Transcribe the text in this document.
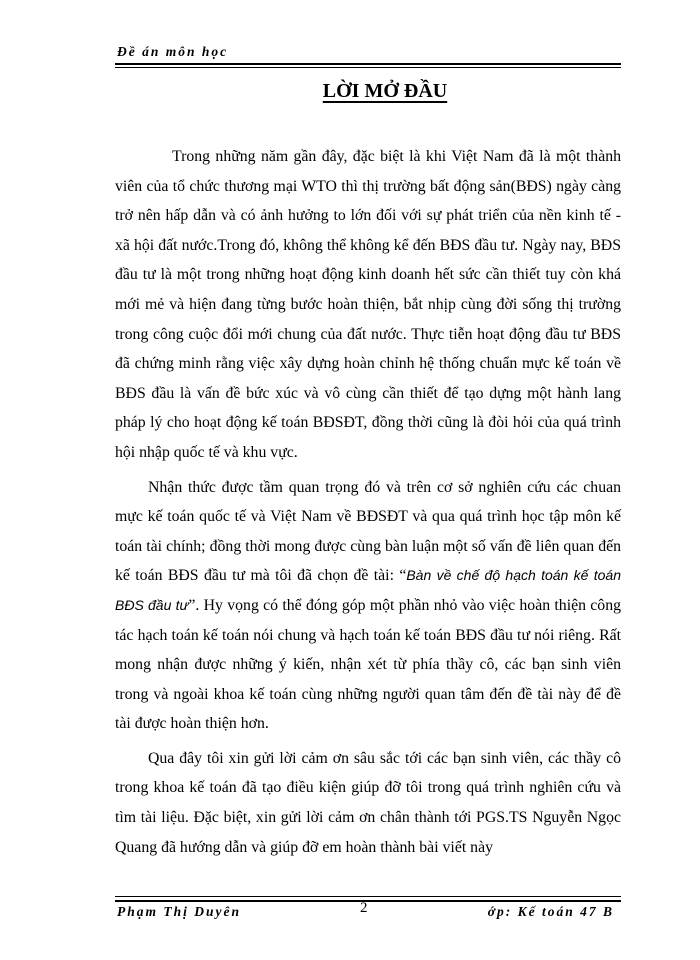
Đề án môn học
LỜI MỞ ĐẦU

Trong những năm gần đây, đặc biệt là khi Việt Nam đã là một thành viên của tổ chức thương mại WTO thì thị trường bất động sản(BĐS) ngày càng trở nên hấp dẫn và có ảnh hưởng to lớn đối với sự phát triển của nền kinh tế - xã hội đất nước.Trong đó, không thể không kể đến BĐS đầu tư. Ngày nay, BĐS đầu tư là một trong những hoạt động kinh doanh hết sức cần thiết tuy còn khá mới mẻ và hiện đang từng bước hoàn thiện, bắt nhịp cùng đời sống thị trường trong công cuộc đổi mới chung của đất nước. Thực tiễn hoạt động đầu tư BĐS đã chứng minh rằng việc xây dựng hoàn chỉnh hệ thống chuẩn mực kế toán về BĐS đầu là vấn đề bức xúc và vô cùng cần thiết để tạo dựng một hành lang pháp lý cho hoạt động kế toán BĐSĐT, đồng thời cũng là đòi hỏi của quá trình hội nhập quốc tế và khu vực.

Nhận thức được tầm quan trọng đó và trên cơ sở nghiên cứu các chuan mực kế toán quốc tế và Việt Nam về BĐSĐT và qua quá trình học tập môn kế toán tài chính; đồng thời mong được cùng bàn luận một số vấn đề liên quan đến kế toán BĐS đầu tư mà tôi đã chọn đề tài: “Bàn về chế độ hạch toán kế toán BĐS đầu tư”. Hy vọng có thể đóng góp một phần nhỏ vào việc hoàn thiện công tác hạch toán kế toán nói chung và hạch toán kế toán BĐS đầu tư nói riêng. Rất mong nhận được những ý kiến, nhận xét từ phía thầy cô, các bạn sinh viên trong và ngoài khoa kế toán cùng những người quan tâm đến đề tài này để đề tài được hoàn thiện hơn.

Qua đây tôi xin gửi lời cảm ơn sâu sắc tới các bạn sinh viên, các thầy cô trong khoa kế toán đã tạo điều kiện giúp đỡ tôi trong quá trình nghiên cứu và tìm tài liệu. Đặc biệt, xin gửi lời cảm ơn chân thành tới PGS.TS Nguyễn Ngọc Quang đã hướng dẫn và giúp đỡ em hoàn thành bài viết này

Phạm Thị Duyên	2	ớp: Kế toán 47 B
